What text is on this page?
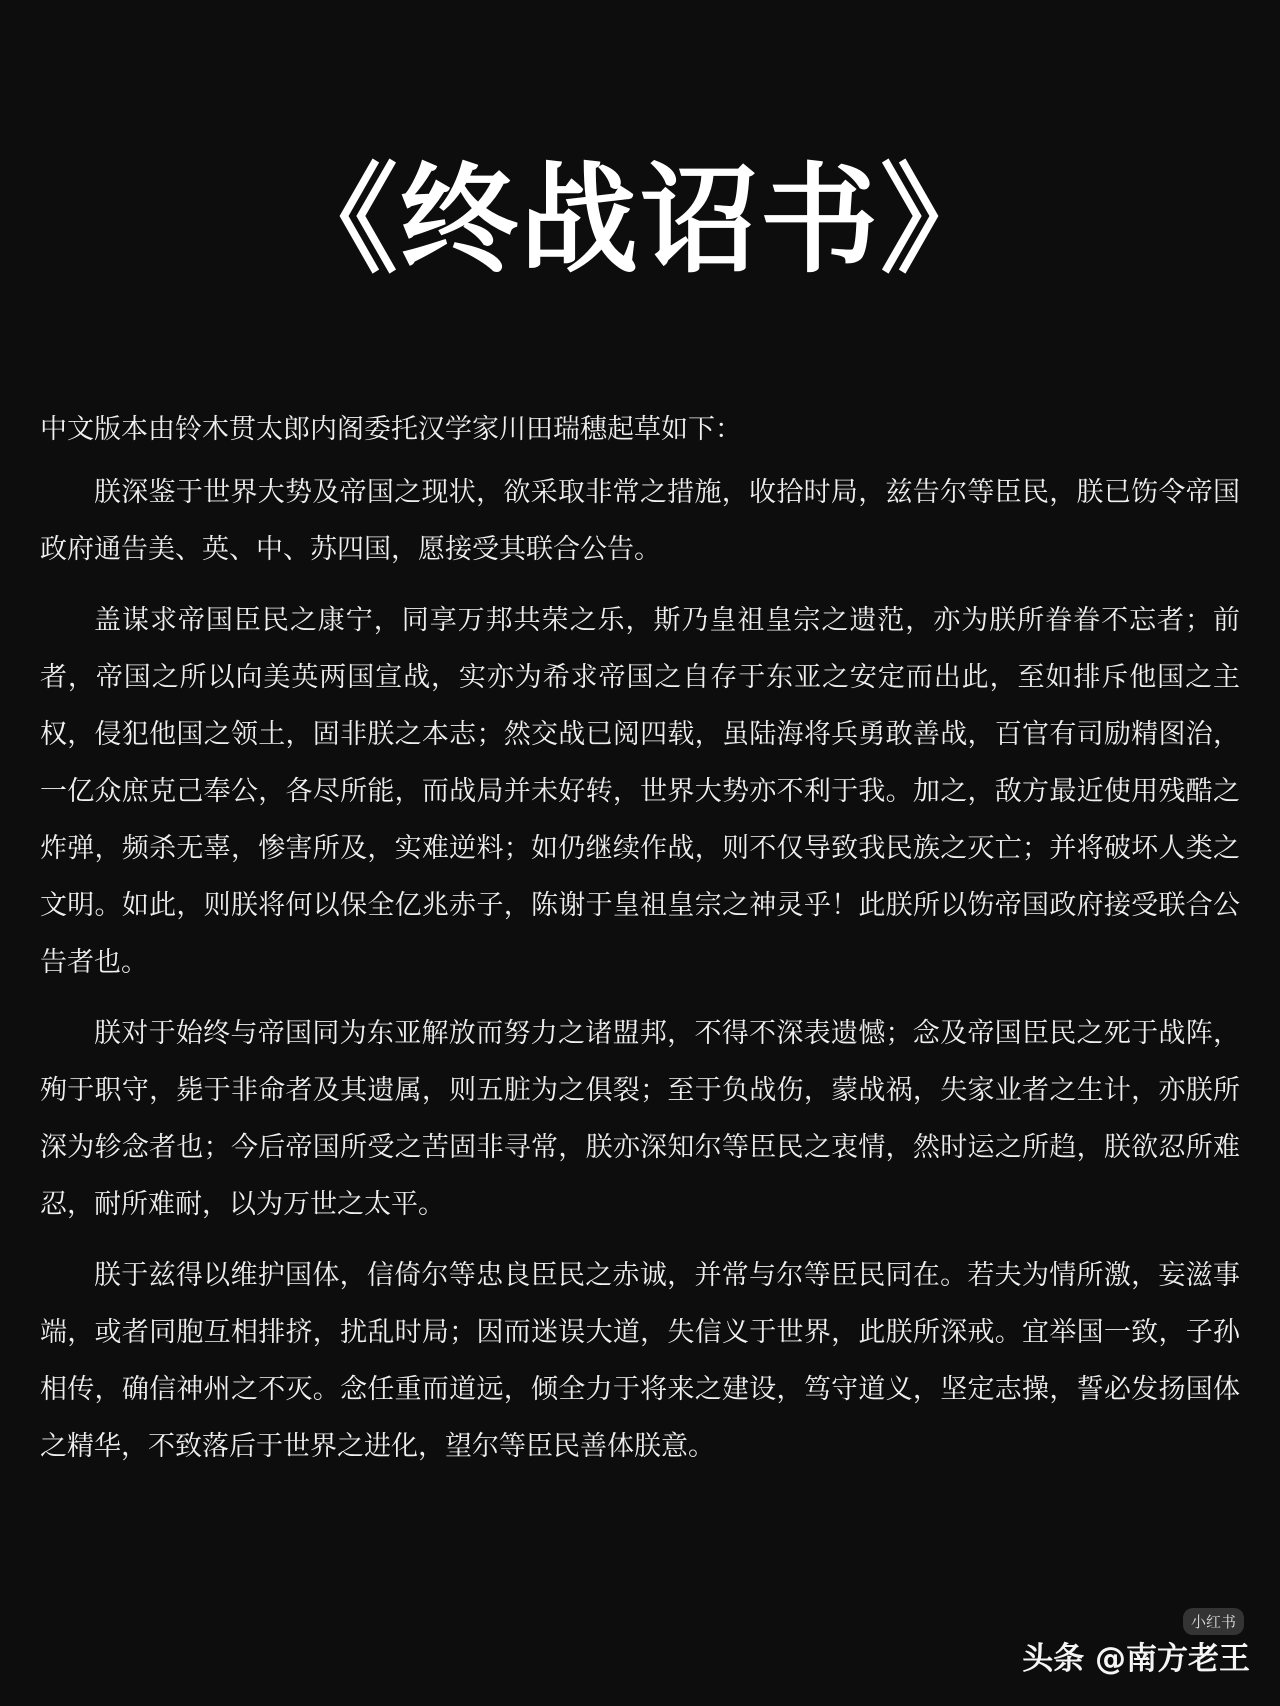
《终战诏书》

中文版本由铃木贯太郎内阁委托汉学家川田瑞穗起草如下：

朕深鉴于世界大势及帝国之现状，欲采取非常之措施，收拾时局，兹告尔等臣民，朕已饬令帝国政府通告美、英、中、苏四国，愿接受其联合公告。

盖谋求帝国臣民之康宁，同享万邦共荣之乐，斯乃皇祖皇宗之遗范，亦为朕所眷眷不忘者；前者，帝国之所以向美英两国宣战，实亦为希求帝国之自存于东亚之安定而出此，至如排斥他国之主权，侵犯他国之领土，固非朕之本志；然交战已阅四载，虽陆海将兵勇敢善战，百官有司励精图治，一亿众庶克己奉公，各尽所能，而战局并未好转，世界大势亦不利于我。加之，敌方最近使用残酷之炸弹，频杀无辜，惨害所及，实难逆料；如仍继续作战，则不仅导致我民族之灭亡；并将破坏人类之文明。如此，则朕将何以保全亿兆赤子，陈谢于皇祖皇宗之神灵乎！此朕所以饬帝国政府接受联合公告者也。

朕对于始终与帝国同为东亚解放而努力之诸盟邦，不得不深表遗憾；念及帝国臣民之死于战阵，殉于职守，毙于非命者及其遗属，则五脏为之俱裂；至于负战伤，蒙战祸，失家业者之生计，亦朕所深为轸念者也；今后帝国所受之苦固非寻常，朕亦深知尔等臣民之衷情，然时运之所趋，朕欲忍所难忍，耐所难耐，以为万世之太平。

朕于兹得以维护国体，信倚尔等忠良臣民之赤诚，并常与尔等臣民同在。若夫为情所激，妄滋事端，或者同胞互相排挤，扰乱时局；因而迷误大道，失信义于世界，此朕所深戒。宜举国一致，子孙相传，确信神州之不灭。念任重而道远，倾全力于将来之建设，笃守道义，坚定志操，誓必发扬国体之精华，不致落后于世界之进化，望尔等臣民善体朕意。

小红书
头条 @南方老王
